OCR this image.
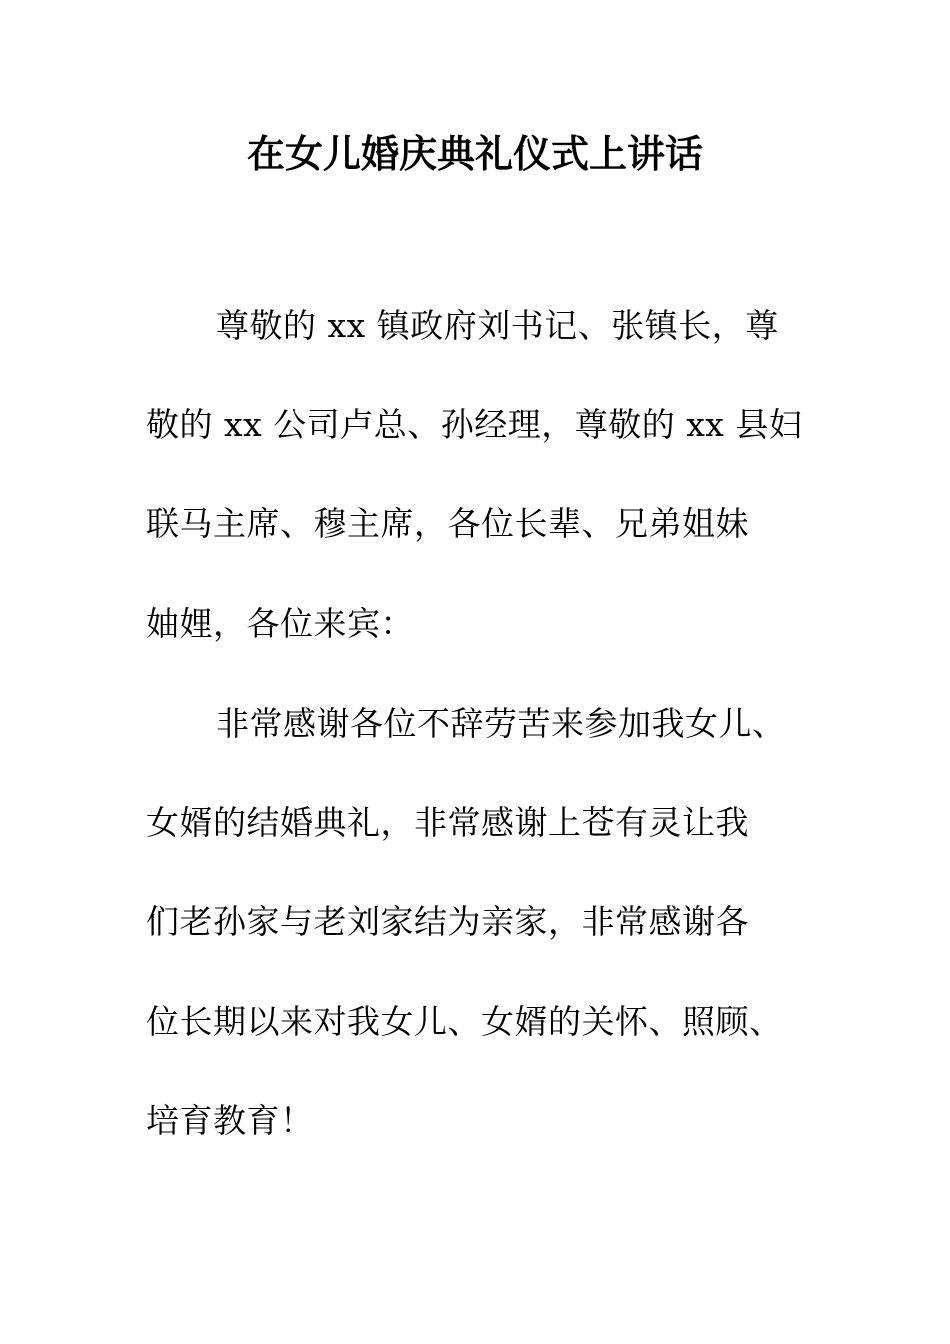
在女儿婚庆典礼仪式上讲话
尊敬的 xx 镇政府刘书记、张镇长，尊
敬的 xx 公司卢总、孙经理，尊敬的 xx 县妇
联马主席、穆主席，各位长辈、兄弟姐妹
妯娌，各位来宾：
非常感谢各位不辞劳苦来参加我女儿、
女婿的结婚典礼，非常感谢上苍有灵让我
们老孙家与老刘家结为亲家，非常感谢各
位长期以来对我女儿、女婿的关怀、照顾、
培育教育！
